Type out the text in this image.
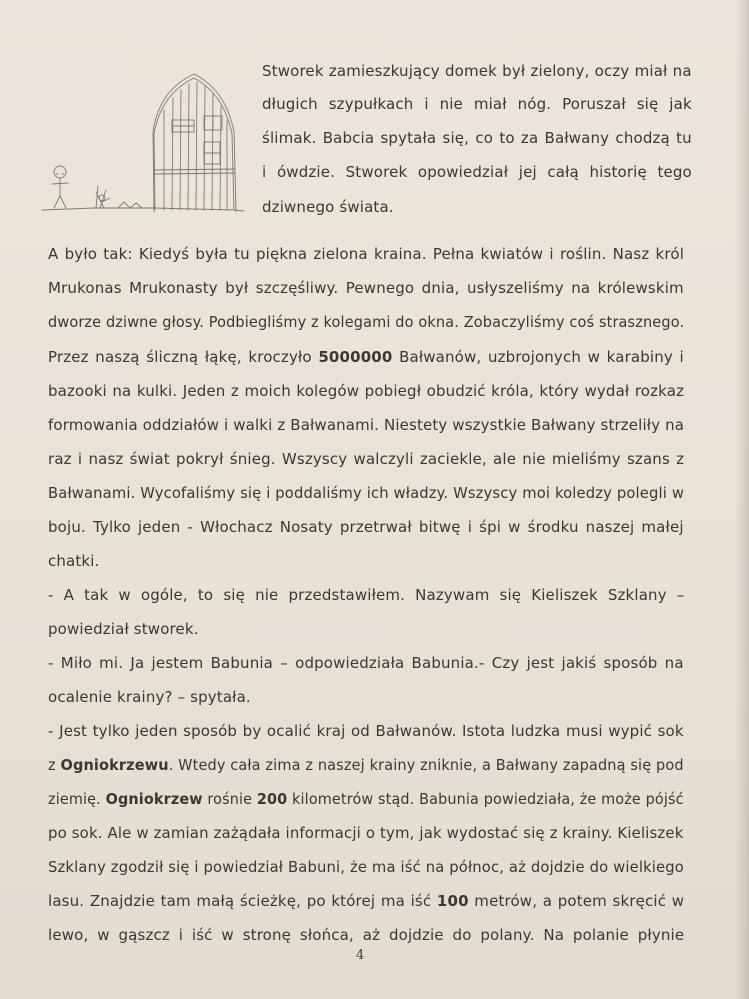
4
Stworek zamieszkujący domek był zielony, oczy miał na
długich szypułkach i nie miał nóg. Poruszał się jak
ślimak. Babcia spytała się, co to za Bałwany chodzą tu
i ówdzie. Stworek opowiedział jej całą historię tego
dziwnego świata.
A było tak: Kiedyś była tu piękna zielona kraina. Pełna kwiatów i roślin. Nasz król
Mrukonas Mrukonasty był szczęśliwy. Pewnego dnia, usłyszeliśmy na królewskim
dworze dziwne głosy. Podbiegliśmy z kolegami do okna. Zobaczyliśmy coś strasznego.
Przez naszą śliczną łąkę, kroczyło 5000000 Bałwanów, uzbrojonych w karabiny i
bazooki na kulki. Jeden z moich kolegów pobiegł obudzić króla, który wydał rozkaz
formowania oddziałów i walki z Bałwanami. Niestety wszystkie Bałwany strzeliły na
raz i nasz świat pokrył śnieg. Wszyscy walczyli zaciekle, ale nie mieliśmy szans z
Bałwanami. Wycofaliśmy się i poddaliśmy ich władzy. Wszyscy moi koledzy polegli w
boju. Tylko jeden - Włochacz Nosaty przetrwał bitwę i śpi w środku naszej małej
chatki.
- A tak w ogóle, to się nie przedstawiłem. Nazywam się Kieliszek Szklany –
powiedział stworek.
- Miło mi. Ja jestem Babunia – odpowiedziała Babunia.- Czy jest jakiś sposób na
ocalenie krainy? – spytała.
- Jest tylko jeden sposób by ocalić kraj od Bałwanów. Istota ludzka musi wypić sok
z Ogniokrzewu. Wtedy cała zima z naszej krainy zniknie, a Bałwany zapadną się pod
ziemię. Ogniokrzew rośnie 200 kilometrów stąd. Babunia powiedziała, że może pójść
po sok. Ale w zamian zażądała informacji o tym, jak wydostać się z krainy. Kieliszek
Szklany zgodził się i powiedział Babuni, że ma iść na północ, aż dojdzie do wielkiego
lasu. Znajdzie tam małą ścieżkę, po której ma iść 100 metrów, a potem skręcić w
lewo, w gąszcz i iść w stronę słońca, aż dojdzie do polany. Na polanie płynie
